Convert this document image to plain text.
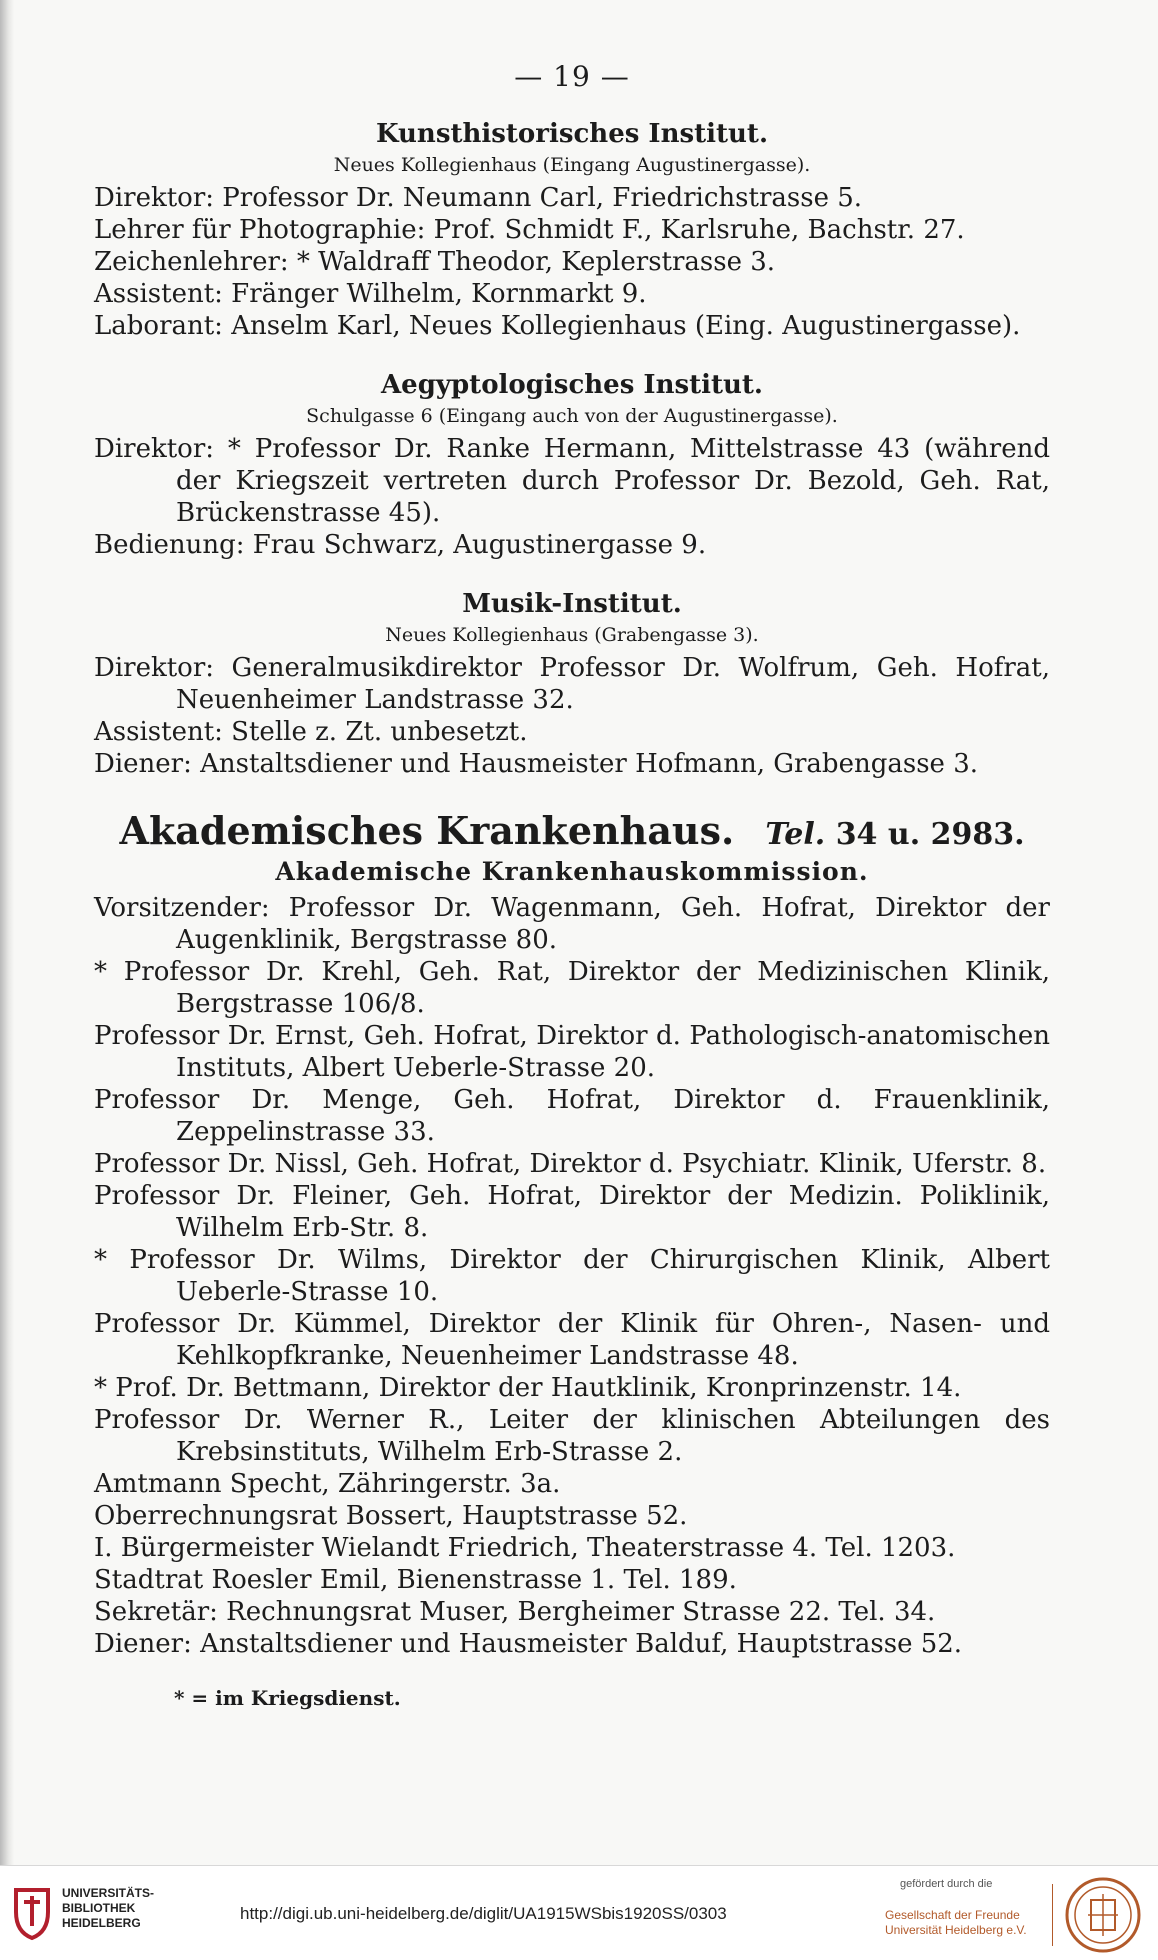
— 19 —
Kunsthistorisches Institut.
Neues Kollegienhaus (Eingang Augustinergasse).
Direktor: Professor Dr. Neumann Carl, Friedrichstrasse 5.
Lehrer für Photographie: Prof. Schmidt F., Karlsruhe, Bachstr. 27.
Zeichenlehrer: * Waldraff Theodor, Keplerstrasse 3.
Assistent: Fränger Wilhelm, Kornmarkt 9.
Laborant: Anselm Karl, Neues Kollegienhaus (Eing. Augustinergasse).
Aegyptologisches Institut.
Schulgasse 6 (Eingang auch von der Augustinergasse).
Direktor: * Professor Dr. Ranke Hermann, Mittelstrasse 43 (während der Kriegszeit vertreten durch Professor Dr. Bezold, Geh. Rat, Brückenstrasse 45).
Bedienung: Frau Schwarz, Augustinergasse 9.
Musik-Institut.
Neues Kollegienhaus (Grabengasse 3).
Direktor: Generalmusikdirektor Professor Dr. Wolfrum, Geh. Hofrat, Neuenheimer Landstrasse 32.
Assistent: Stelle z. Zt. unbesetzt.
Diener: Anstaltsdiener und Hausmeister Hofmann, Grabengasse 3.
Akademisches Krankenhaus. Tel. 34 u. 2983.
Akademische Krankenhauskommission.
Vorsitzender: Professor Dr. Wagenmann, Geh. Hofrat, Direktor der Augenklinik, Bergstrasse 80.
* Professor Dr. Krehl, Geh. Rat, Direktor der Medizinischen Klinik, Bergstrasse 106/8.
Professor Dr. Ernst, Geh. Hofrat, Direktor d. Pathologisch-anatomischen Instituts, Albert Ueberle-Strasse 20.
Professor Dr. Menge, Geh. Hofrat, Direktor d. Frauenklinik, Zeppelinstrasse 33.
Professor Dr. Nissl, Geh. Hofrat, Direktor d. Psychiatr. Klinik, Uferstr. 8.
Professor Dr. Fleiner, Geh. Hofrat, Direktor der Medizin. Poliklinik, Wilhelm Erb-Str. 8.
* Professor Dr. Wilms, Direktor der Chirurgischen Klinik, Albert Ueberle-Strasse 10.
Professor Dr. Kümmel, Direktor der Klinik für Ohren-, Nasen- und Kehlkopfkranke, Neuenheimer Landstrasse 48.
* Prof. Dr. Bettmann, Direktor der Hautklinik, Kronprinzenstr. 14.
Professor Dr. Werner R., Leiter der klinischen Abteilungen des Krebsinstituts, Wilhelm Erb-Strasse 2.
Amtmann Specht, Zähringerstr. 3a.
Oberrechnungsrat Bossert, Hauptstrasse 52.
I. Bürgermeister Wielandt Friedrich, Theaterstrasse 4. Tel. 1203.
Stadtrat Roesler Emil, Bienenstrasse 1. Tel. 189.
Sekretär: Rechnungsrat Muser, Bergheimer Strasse 22. Tel. 34.
Diener: Anstaltsdiener und Hausmeister Balduf, Hauptstrasse 52.
* = im Kriegsdienst.
UNIVERSITÄTS-
BIBLIOTHEK
HEIDELBERG	http://digi.ub.uni-heidelberg.de/diglit/UA1915WSbis1920SS/0303
gefördert durch die
Gesellschaft der Freunde
Universität Heidelberg e.V.
